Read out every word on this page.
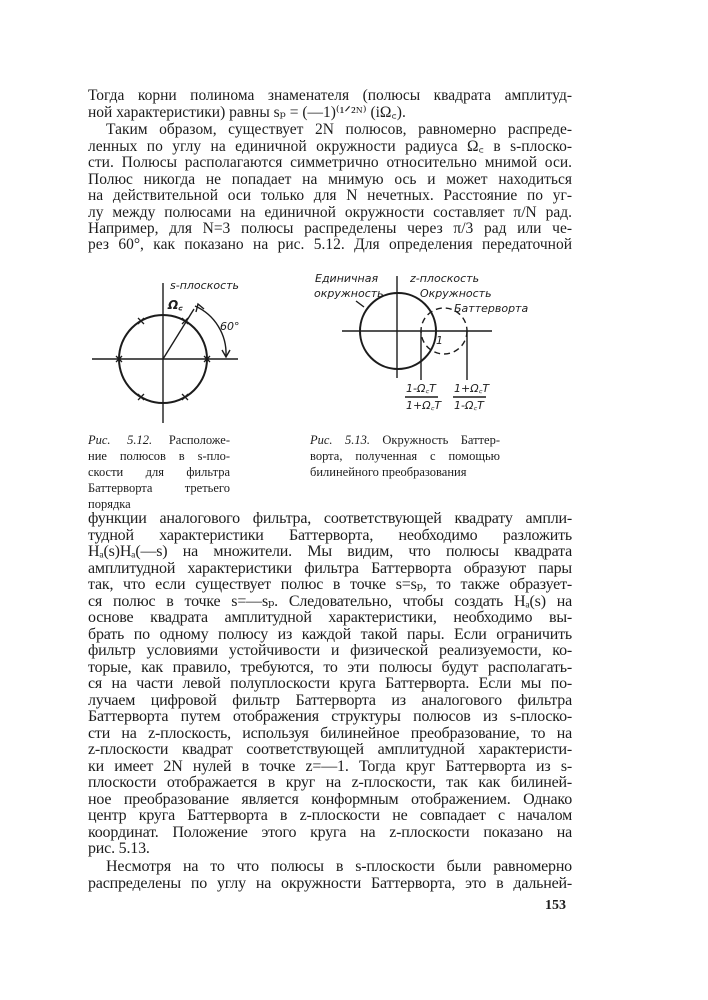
Тогда корни полинома знаменателя (полюсы квадрата амплитуд-
ной характеристики) равны sₚ = (—1)⁽¹ᐟ²ᴺ⁾ (iΩ꜀).
Таким образом, существует 2N полюсов, равномерно распреде-
ленных по углу на единичной окружности радиуса Ω꜀ в s-плоско-
сти. Полюсы располагаются симметрично относительно мнимой оси.
Полюс никогда не попадает на мнимую ось и может находиться
на действительной оси только для N нечетных. Расстояние по уг-
лу между полюсами на единичной окружности составляет π/N рад.
Например, для N=3 полюсы распределены через π/3 рад или че-
рез 60°, как показано на рис. 5.12. Для определения передаточной
s-плоскость
Ω꜀
60°
Единичная
окружность
z-плоскость
Окружность
Баттерворта
1
1-Ω꜀T
1+Ω꜀T
1+Ω꜀T
1-Ω꜀T
Рис. 5.12. Расположе-
ние полюсов в s-пло-
скости для фильтра
Баттерворта третьего
порядка
Рис. 5.13. Окружность Баттер-
ворта, полученная с помощью
билинейного преобразования
функции аналогового фильтра, соответствующей квадрату ампли-
тудной характеристики Баттерворта, необходимо разложить
Hₐ(s)Hₐ(—s) на множители. Мы видим, что полюсы квадрата
амплитудной характеристики фильтра Баттерворта образуют пары
так, что если существует полюс в точке s=sₚ, то также образует-
ся полюс в точке s=—sₚ. Следовательно, чтобы создать Hₐ(s) на
основе квадрата амплитудной характеристики, необходимо вы-
брать по одному полюсу из каждой такой пары. Если ограничить
фильтр условиями устойчивости и физической реализуемости, ко-
торые, как правило, требуются, то эти полюсы будут располагать-
ся на части левой полуплоскости круга Баттерворта. Если мы по-
лучаем цифровой фильтр Баттерворта из аналогового фильтра
Баттерворта путем отображения структуры полюсов из s-плоско-
сти на z-плоскость, используя билинейное преобразование, то на
z-плоскости квадрат соответствующей амплитудной характеристи-
ки имеет 2N нулей в точке z=—1. Тогда круг Баттерворта из s-
плоскости отображается в круг на z-плоскости, так как билиней-
ное преобразование является конформным отображением. Однако
центр круга Баттерворта в z-плоскости не совпадает с началом
координат. Положение этого круга на z-плоскости показано на
рис. 5.13.
Несмотря на то что полюсы в s-плоскости были равномерно
распределены по углу на окружности Баттерворта, это в дальней-
153
